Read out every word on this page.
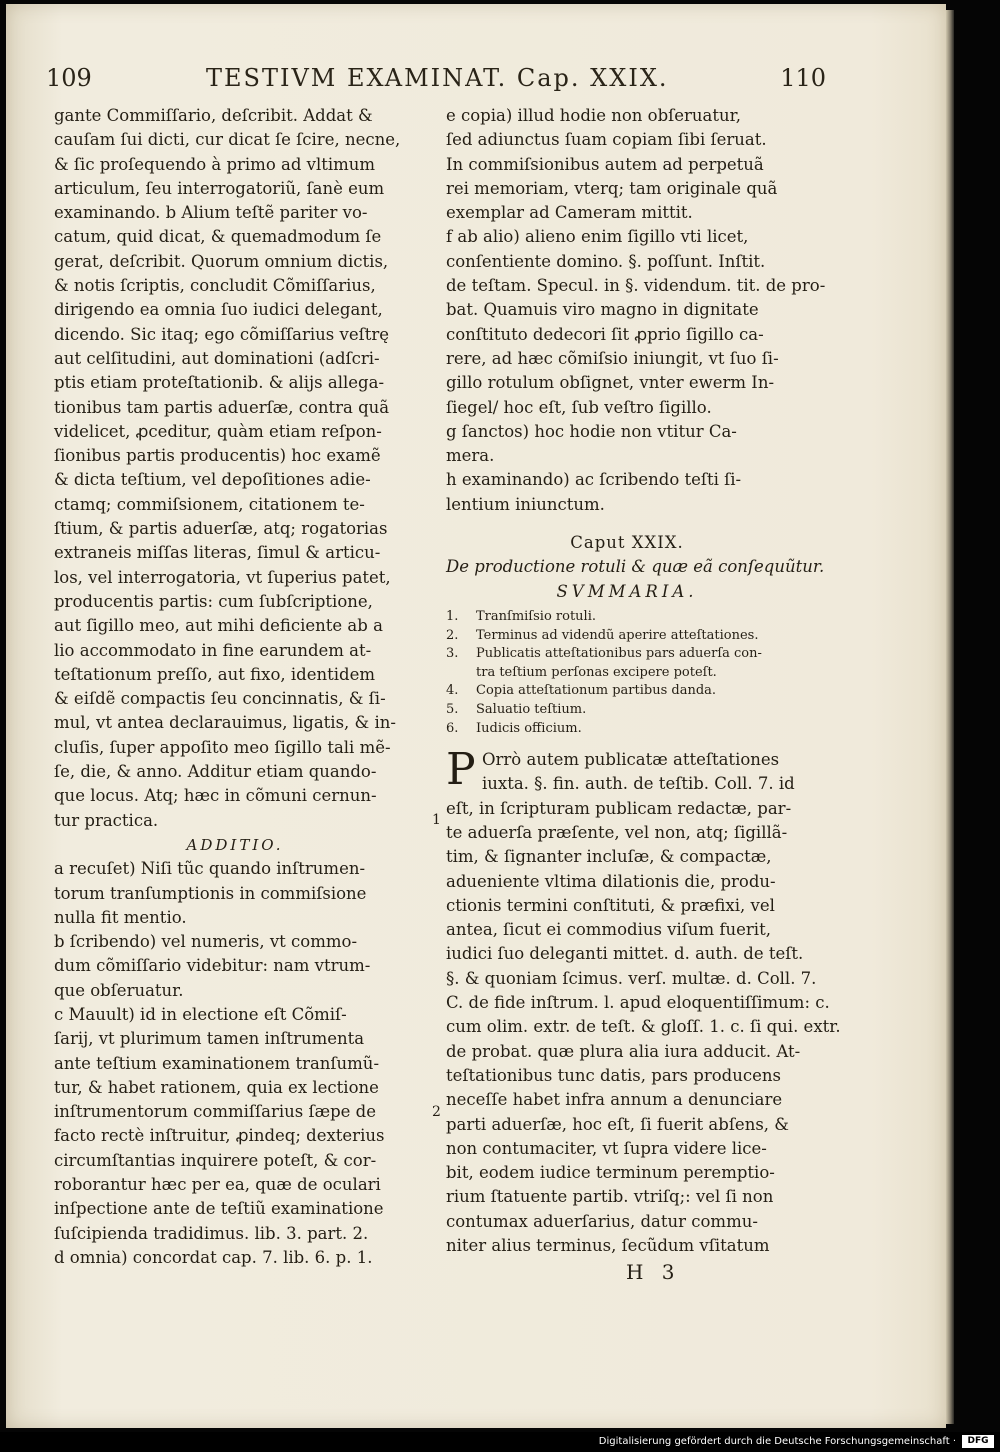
109	TESTIVM EXAMINAT. Cap. XXIX.	110
gante Commiſſario, deſcribit. Addat &
cauſam ſui dicti, cur dicat ſe ſcire, necne,
& ſic proſequendo à primo ad vltimum
articulum, ſeu interrogatoriũ, ſanè eum
examinando. b Alium teſtẽ pariter vo-
catum, quid dicat, & quemadmodum ſe
gerat, deſcribit. Quorum omnium dictis,
& notis ſcriptis, concludit Cõmiſſarius,
dirigendo ea omnia ſuo iudici delegant,
dicendo. Sic itaq; ego cõmiſſarius veſtrę
aut celſitudini, aut dominationi (adſcri-
ptis etiam proteſtationib. & alijs allega-
tionibus tam partis aduerſæ, contra quã
videlicet, ꝓceditur, quàm etiam reſpon-
ſionibus partis producentis) hoc examẽ
& dicta teſtium, vel depoſitiones adie-
ctamq; commiſsionem, citationem te-
ſtium, & partis aduerſæ, atq; rogatorias
extraneis miſſas literas, ſimul & articu-
los, vel interrogatoria, vt ſuperius patet,
producentis partis: cum ſubſcriptione,
aut ſigillo meo, aut mihi deficiente ab a
lio accommodato in fine earundem at-
teſtationum preſſo, aut fixo, identidem
& eiſdẽ compactis ſeu concinnatis, & ſi-
mul, vt antea declarauimus, ligatis, & in-
cluſis, ſuper appoſito meo ſigillo tali mẽ-
ſe, die, & anno. Additur etiam quando-
que locus. Atq; hæc in cõmuni cernun-
tur practica.
ADDITIO.
a recuſet) Niſi tũc quando inſtrumen-
torum tranſumptionis in commiſsione
nulla fit mentio.
b ſcribendo) vel numeris, vt commo-
dum cõmiſſario videbitur: nam vtrum-
que obſeruatur.
c Mauult) id in electione eſt Cõmiſ-
ſarij, vt plurimum tamen inſtrumenta
ante teſtium examinationem tranſumũ-
tur, & habet rationem, quia ex lectione
inſtrumentorum commiſſarius ſæpe de
facto rectè inſtruitur, ꝓindeq; dexterius
circumſtantias inquirere poteſt, & cor-
roborantur hæc per ea, quæ de oculari
inſpectione ante de teſtiũ examinatione
ſuſcipienda tradidimus. lib. 3. part. 2.
d omnia) concordat cap. 7. lib. 6. p. 1.
e copia) illud hodie non obſeruatur,
ſed adiunctus ſuam copiam ſibi ſeruat.
In commiſsionibus autem ad perpetuã
rei memoriam, vterq; tam originale quã
exemplar ad Cameram mittit.
f ab alio) alieno enim ſigillo vti licet,
conſentiente domino. §. poſſunt. Inſtit.
de teſtam. Specul. in §. videndum. tit. de pro-
bat. Quamuis viro magno in dignitate
conſtituto dedecori ſit ꝓprio ſigillo ca-
rere, ad hæc cõmiſsio iniungit, vt ſuo ſi-
gillo rotulum obſignet, vnter ewerm In-
ſiegel/ hoc eſt, ſub veſtro ſigillo.
g ſanctos) hoc hodie non vtitur Ca-
mera.
h examinando) ac ſcribendo teſti ſi-
lentium iniunctum.
Caput XXIX.
De productione rotuli & quæ eã conſequũtur.
SVMMARIA.
1.	Tranſmiſsio rotuli.
2.	Terminus ad videndũ aperire atteſtationes.
3.	Publicatis atteſtationibus pars aduerſa con-
tra teſtium perſonas excipere poteſt.
4.	Copia atteſtationum partibus danda.
5.	Saluatio teſtium.
6.	Iudicis officium.
P Orrò autem publicatæ atteſtationes
iuxta. §. fin. auth. de teſtib. Coll. 7. id
eſt, in ſcripturam publicam redactæ, par-
te aduerſa præſente, vel non, atq; ſigillã-
tim, & ſignanter incluſæ, & compactæ,
adueniente vltima dilationis die, produ-
ctionis termini conſtituti, & præfixi, vel
antea, ſicut ei commodius viſum fuerit,
iudici ſuo deleganti mittet. d. auth. de teſt.
§. & quoniam ſcimus. verſ. multæ. d. Coll. 7.
C. de fide inſtrum. l. apud eloquentiſſimum: c.
cum olim. extr. de teſt. & gloſſ. 1. c. ſi qui. extr.
de probat. quæ plura alia iura adducit. At-
teſtationibus tunc datis, pars producens
neceſſe habet infra annum a denunciare
parti aduerſæ, hoc eſt, ſi fuerit abſens, &
non contumaciter, vt ſupra videre lice-
bit, eodem iudice terminum peremptio-
rium ſtatuente partib. vtriſq;: vel ſi non
contumax aduerſarius, datur commu-
niter alius terminus, ſecũdum vſitatum
1
2
H 3
Digitalisierung gefördert durch die Deutsche Forschungsgemeinschaft ·	DFG
